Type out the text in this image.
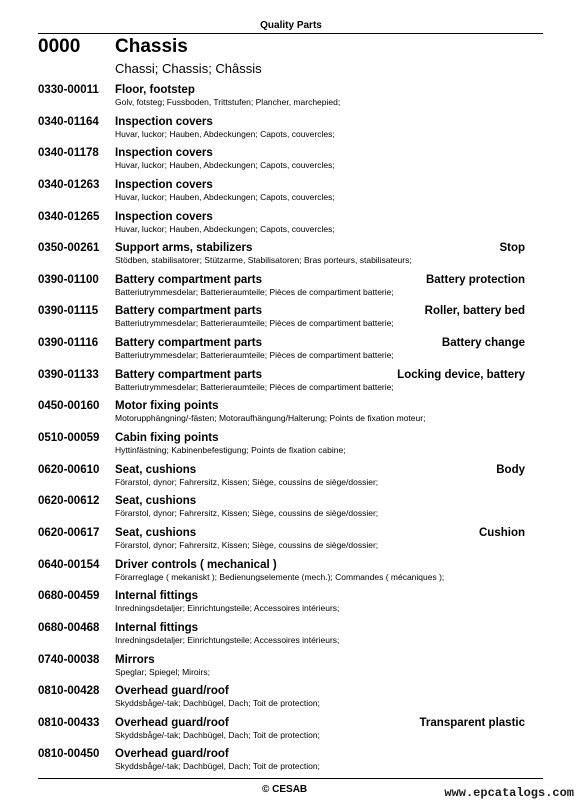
Quality Parts
0000 Chassis
Chassi; Chassis; Châssis
0330-00011 Floor, footstep
Golv, fotsteg; Fussboden, Trittstufen; Plancher, marchepied;
0340-01164 Inspection covers
Huvar, luckor; Hauben, Abdeckungen; Capots, couvercles;
0340-01178 Inspection covers
Huvar, luckor; Hauben, Abdeckungen; Capots, couvercles;
0340-01263 Inspection covers
Huvar, luckor; Hauben, Abdeckungen; Capots, couvercles;
0340-01265 Inspection covers
Huvar, luckor; Hauben, Abdeckungen; Capots, couvercles;
0350-00261 Support arms, stabilizers	Stop
Stödben, stabilisatorer; Stützarme, Stabilisatoren; Bras porteurs, stabilisateurs;
0390-01100 Battery compartment parts	Battery protection
Batteriutrymmesdelar; Batterieraumteile; Pièces de compartiment batterie;
0390-01115 Battery compartment parts	Roller, battery bed
Batteriutrymmesdelar; Batterieraumteile; Pièces de compartiment batterie;
0390-01116 Battery compartment parts	Battery change
Batteriutrymmesdelar; Batterieraumteile; Pièces de compartiment batterie;
0390-01133 Battery compartment parts	Locking device, battery
Batteriutrymmesdelar; Batterieraumteile; Pièces de compartiment batterie;
0450-00160 Motor fixing points
Motorupphängning/-fästen; Motoraufhängung/Halterung; Points de fixation moteur;
0510-00059 Cabin fixing points
Hyttinfästning; Kabinenbefestigung; Points de fixation cabine;
0620-00610 Seat, cushions	Body
Förarstol, dynor; Fahrersitz, Kissen; Siège, coussins de siège/dossier;
0620-00612 Seat, cushions
Förarstol, dynor; Fahrersitz, Kissen; Siège, coussins de siège/dossier;
0620-00617 Seat, cushions	Cushion
Förarstol, dynor; Fahrersitz, Kissen; Siège, coussins de siège/dossier;
0640-00154 Driver controls ( mechanical )
Förarreglage ( mekaniskt ); Bedienungselemente (mech.); Commandes ( mécaniques );
0680-00459 Internal fittings
Inredningsdetaljer; Einrichtungsteile; Accessoires intérieurs;
0680-00468 Internal fittings
Inredningsdetaljer; Einrichtungsteile; Accessoires intérieurs;
0740-00038 Mirrors
Speglar; Spiegel; Miroirs;
0810-00428 Overhead guard/roof
Skyddsbåge/-tak; Dachbügel, Dach; Toit de protection;
0810-00433 Overhead guard/roof	Transparent plastic
Skyddsbåge/-tak; Dachbügel, Dach; Toit de protection;
0810-00450 Overhead guard/roof
Skyddsbåge/-tak; Dachbügel, Dach; Toit de protection;
© CESAB	www.epcatalogs.com
